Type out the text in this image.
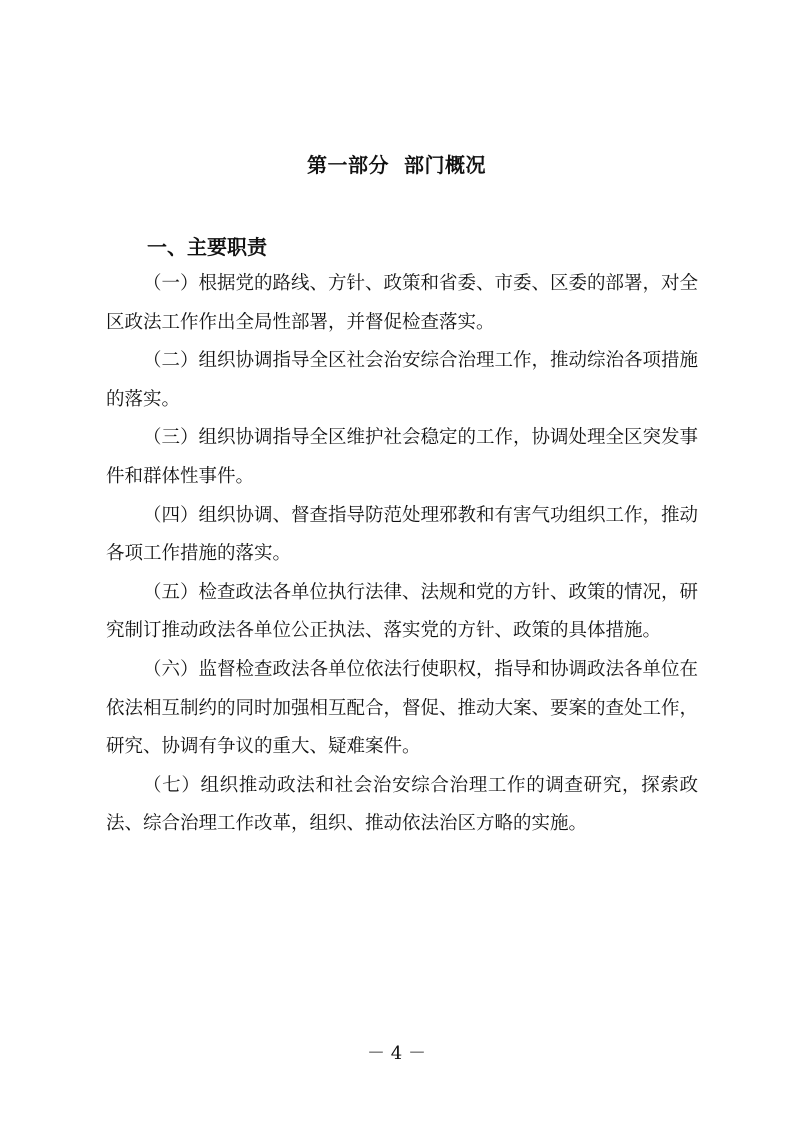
第一部分  部门概况
一、主要职责

（一）根据党的路线、方针、政策和省委、市委、区委的部署，对全区政法工作作出全局性部署，并督促检查落实。

（二）组织协调指导全区社会治安综合治理工作，推动综治各项措施的落实。

（三）组织协调指导全区维护社会稳定的工作，协调处理全区突发事件和群体性事件。

（四）组织协调、督查指导防范处理邪教和有害气功组织工作，推动各项工作措施的落实。

（五）检查政法各单位执行法律、法规和党的方针、政策的情况，研究制订推动政法各单位公正执法、落实党的方针、政策的具体措施。

（六）监督检查政法各单位依法行使职权，指导和协调政法各单位在依法相互制约的同时加强相互配合，督促、推动大案、要案的查处工作，研究、协调有争议的重大、疑难案件。

（七）组织推动政法和社会治安综合治理工作的调查研究，探索政法、综合治理工作改革，组织、推动依法治区方略的实施。

－ 4 －
